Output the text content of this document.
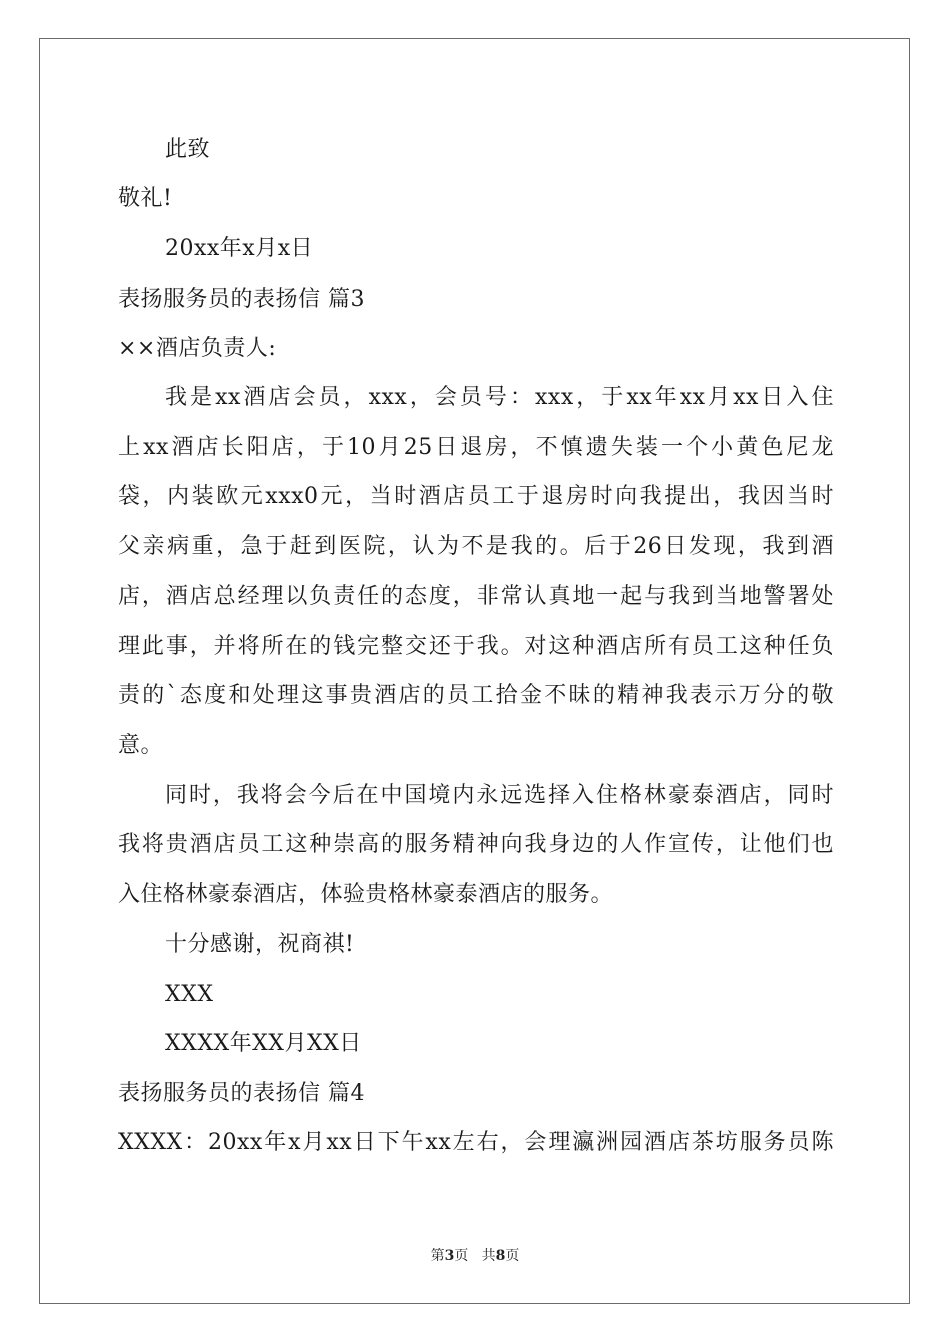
此致
敬礼!
20xx年x月x日
表扬服务员的表扬信 篇3
××酒店负责人:
我是xx酒店会员，xxx，会员号：xxx，于xx年xx月xx日入住
上xx酒店长阳店，于10月25日退房，不慎遗失装一个小黄色尼龙
袋，内装欧元xxx0元，当时酒店员工于退房时向我提出，我因当时
父亲病重，急于赶到医院，认为不是我的。后于26日发现，我到酒
店，酒店总经理以负责任的态度，非常认真地一起与我到当地警署处
理此事，并将所在的钱完整交还于我。对这种酒店所有员工这种任负
责的`态度和处理这事贵酒店的员工拾金不昧的精神我表示万分的敬
意。
同时，我将会今后在中国境内永远选择入住格林豪泰酒店，同时
我将贵酒店员工这种崇高的服务精神向我身边的人作宣传，让他们也
入住格林豪泰酒店，体验贵格林豪泰酒店的服务。
十分感谢，祝商祺!
XXX
XXXX年XX月XX日
表扬服务员的表扬信 篇4
XXXX：20xx年x月xx日下午xx左右，会理瀛洲园酒店茶坊服务员陈
第3页 共8页
